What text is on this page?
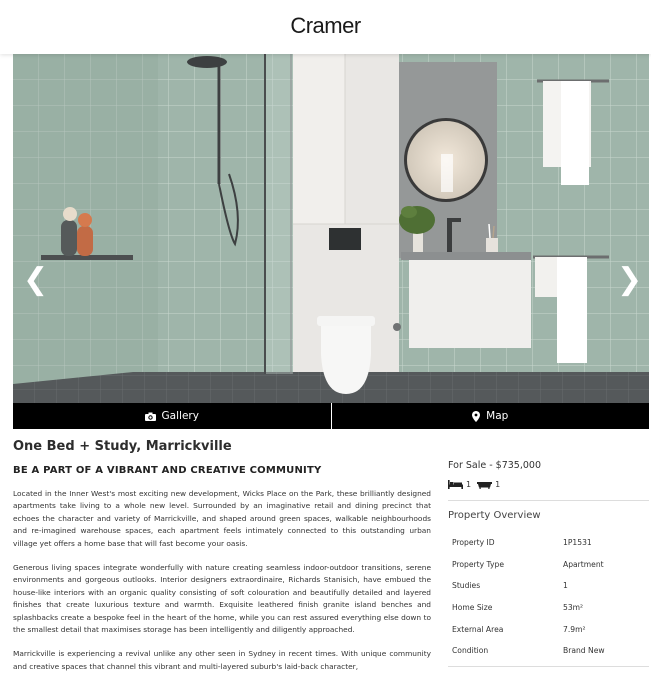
Cramer
❮	❯
Gallery	Map
One Bed + Study, Marrickville
BE A PART OF A VIBRANT AND CREATIVE COMMUNITY

Located in the Inner West's most exciting new development, Wicks Place on the Park, these brilliantly designed apartments take living to a whole new level. Surrounded by an imaginative retail and dining precinct that echoes the character and variety of Marrickville, and shaped around green spaces, walkable neighbourhoods and re-imagined warehouse spaces, each apartment feels intimately connected to this outstanding urban village yet offers a home base that will fast become your oasis.

Generous living spaces integrate wonderfully with nature creating seamless indoor-outdoor transitions, serene environments and gorgeous outlooks. Interior designers extraordinaire, Richards Stanisich, have embued the house-like interiors with an organic quality consisting of soft colouration and beautifully detailed and layered finishes that create luxurious texture and warmth. Exquisite leathered finish granite island benches and splashbacks create a bespoke feel in the heart of the home, while you can rest assured everything else down to the smallest detail that maximises storage has been intelligently and diligently approached.

Marrickville is experiencing a revival unlike any other seen in Sydney in recent times. With unique community and creative spaces that channel this vibrant and multi-layered suburb's laid-back character,

For Sale - $735,000
1	1
Property Overview
Property ID	1P1531
Property Type	Apartment
Studies	1
Home Size	53m²
External Area	7.9m²
Condition	Brand New
